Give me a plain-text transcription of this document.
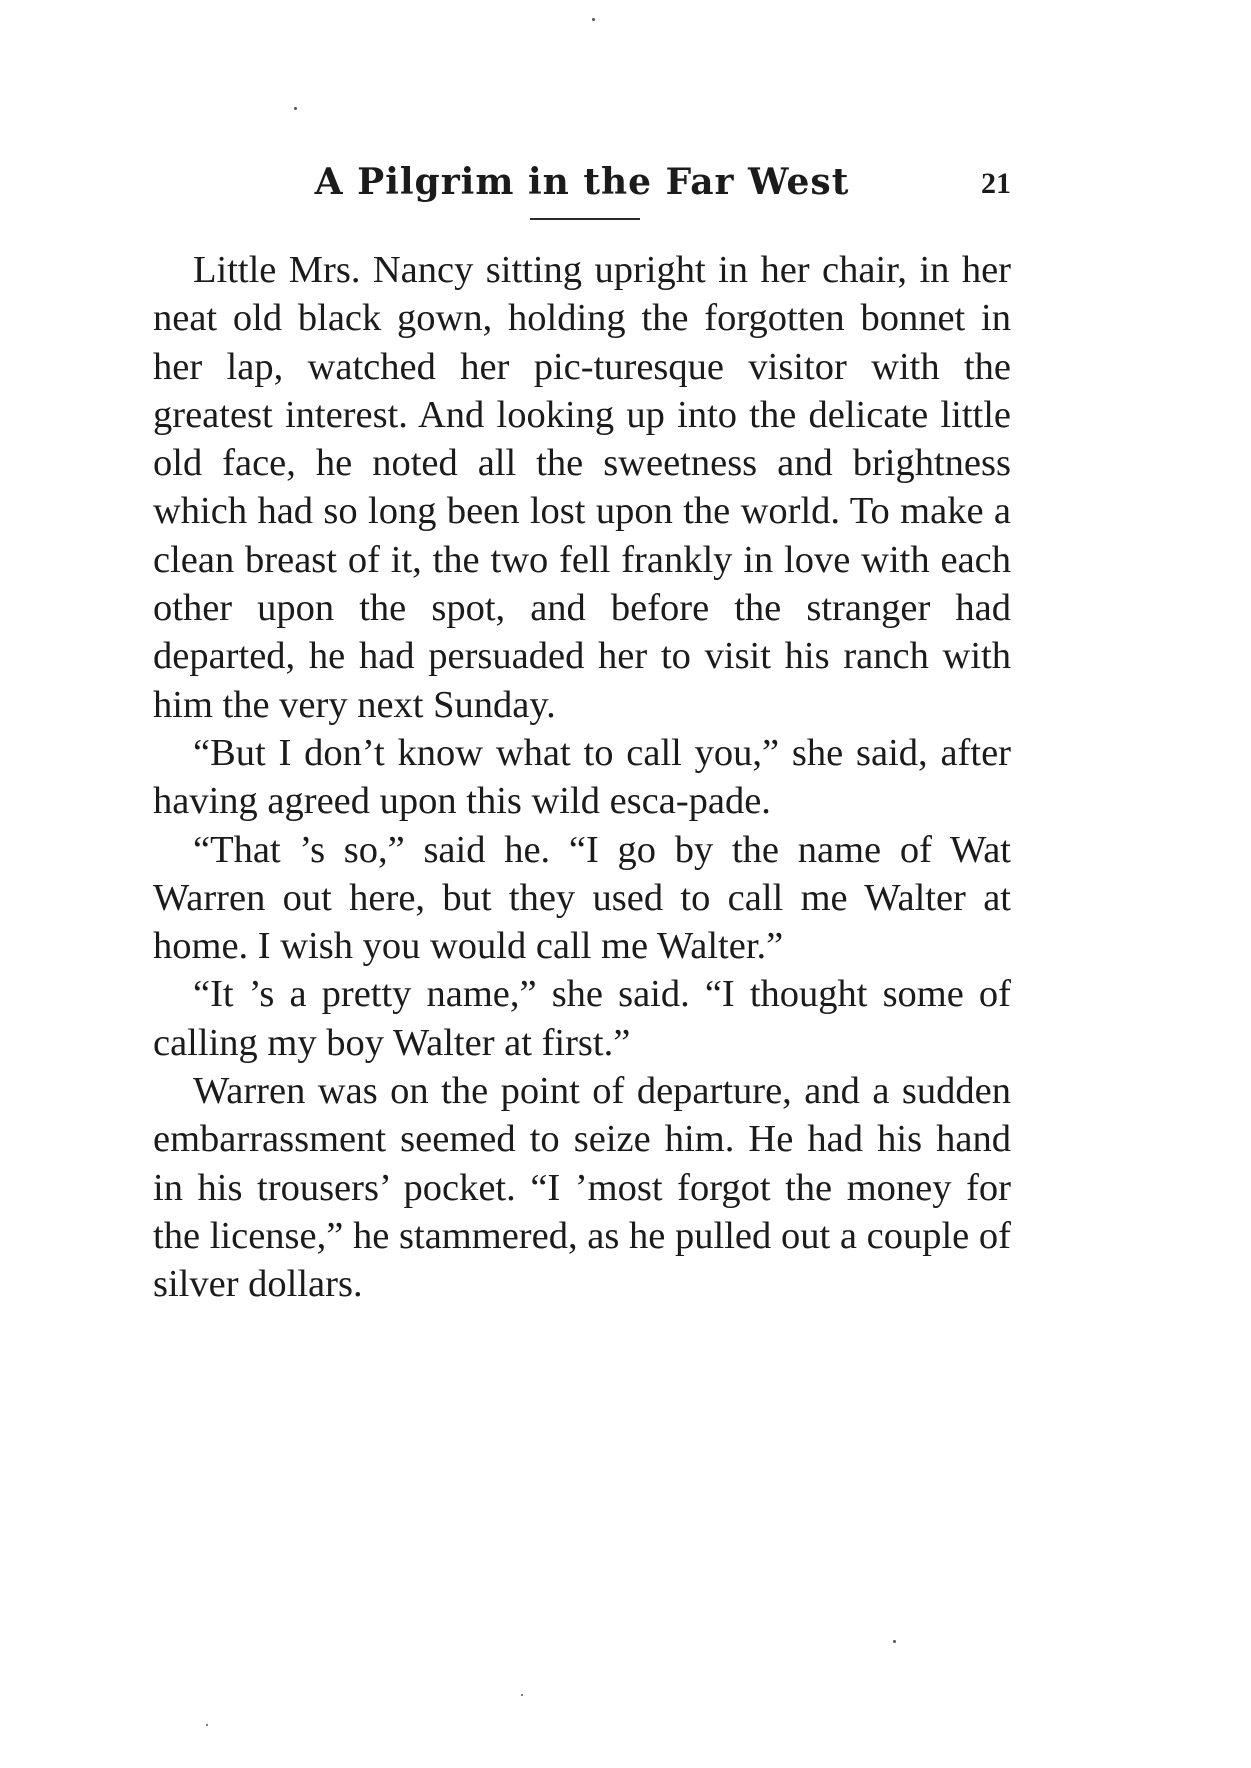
A Pilgrim in the Far West	21

Little Mrs. Nancy sitting upright in her chair, in her neat old black gown, holding the forgotten bonnet in her lap, watched her pic-turesque visitor with the greatest interest. And looking up into the delicate little old face, he noted all the sweetness and brightness which had so long been lost upon the world. To make a clean breast of it, the two fell frankly in love with each other upon the spot, and before the stranger had departed, he had persuaded her to visit his ranch with him the very next Sunday.

“But I don’t know what to call you,” she said, after having agreed upon this wild esca-pade.

“That ’s so,” said he. “I go by the name of Wat Warren out here, but they used to call me Walter at home. I wish you would call me Walter.”

“It ’s a pretty name,” she said. “I thought some of calling my boy Walter at first.”

Warren was on the point of departure, and a sudden embarrassment seemed to seize him. He had his hand in his trousers’ pocket. “I ’most forgot the money for the license,” he stammered, as he pulled out a couple of silver dollars.
